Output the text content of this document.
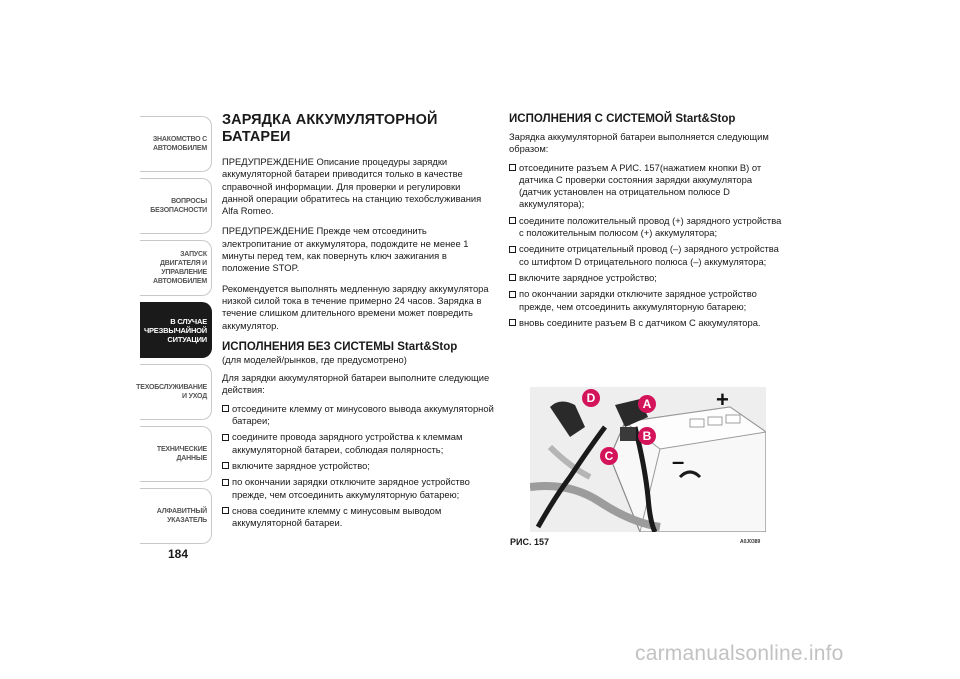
ЗНАКОМСТВО С
АВТОМОБИЛЕМ
ВОПРОСЫ
БЕЗОПАСНОСТИ
ЗАПУСК ДВИГАТЕЛЯ И
УПРАВЛЕНИЕ
АВТОМОБИЛЕМ
В СЛУЧАЕ
ЧРЕЗВЫЧАЙНОЙ
СИТУАЦИИ
ТЕХОБСЛУЖИВАНИЕ
И УХОД
ТЕХНИЧЕСКИЕ
ДАННЫЕ
АЛФАВИТНЫЙ
УКАЗАТЕЛЬ
184
ЗАРЯДКА АККУМУЛЯТОРНОЙ БАТАРЕИ

ПРЕДУПРЕЖДЕНИЕ Описание процедуры зарядки аккумуляторной батареи приводится только в качестве справочной информации. Для проверки и регулировки данной операции обратитесь на станцию техобслуживания Alfa Romeo.

ПРЕДУПРЕЖДЕНИЕ Прежде чем отсоединить электропитание от аккумулятора, подождите не менее 1 минуты перед тем, как повернуть ключ зажигания в положение STOP.

Рекомендуется выполнять медленную зарядку аккумулятора низкой силой тока в течение примерно 24 часов. Зарядка в течение слишком длительного времени может повредить аккумулятор.

ИСПОЛНЕНИЯ БЕЗ СИСТЕМЫ Start&Stop

(для моделей/рынков, где предусмотрено)

Для зарядки аккумуляторной батареи выполните следующие действия:

отсоедините клемму от минусового вывода аккумуляторной батареи;
соедините провода зарядного устройства к клеммам аккумуляторной батареи, соблюдая полярность;
включите зарядное устройство;
по окончании зарядки отключите зарядное устройство прежде, чем отсоединить аккумуляторную батарею;
снова соедините клемму с минусовым выводом аккумуляторной батареи.
ИСПОЛНЕНИЯ С СИСТЕМОЙ Start&Stop

Зарядка аккумуляторной батареи выполняется следующим образом:

отсоедините разъем A РИС. 157(нажатием кнопки B) от датчика C проверки состояния зарядки аккумулятора (датчик установлен на отрицательном полюсе D аккумулятора);
соедините положительный провод (+) зарядного устройства с положительным полюсом (+) аккумулятора;
соедините отрицательный провод (–) зарядного устройства со штифтом D отрицательного полюса (–) аккумулятора;
включите зарядное устройство;
по окончании зарядки отключите зарядное устройство прежде, чем отсоединить аккумуляторную батарею;
вновь соедините разъем B с датчиком C аккумулятора.
D	A
B
C
+
–
РИС. 157	A0J0389
carmanualsonline.info
